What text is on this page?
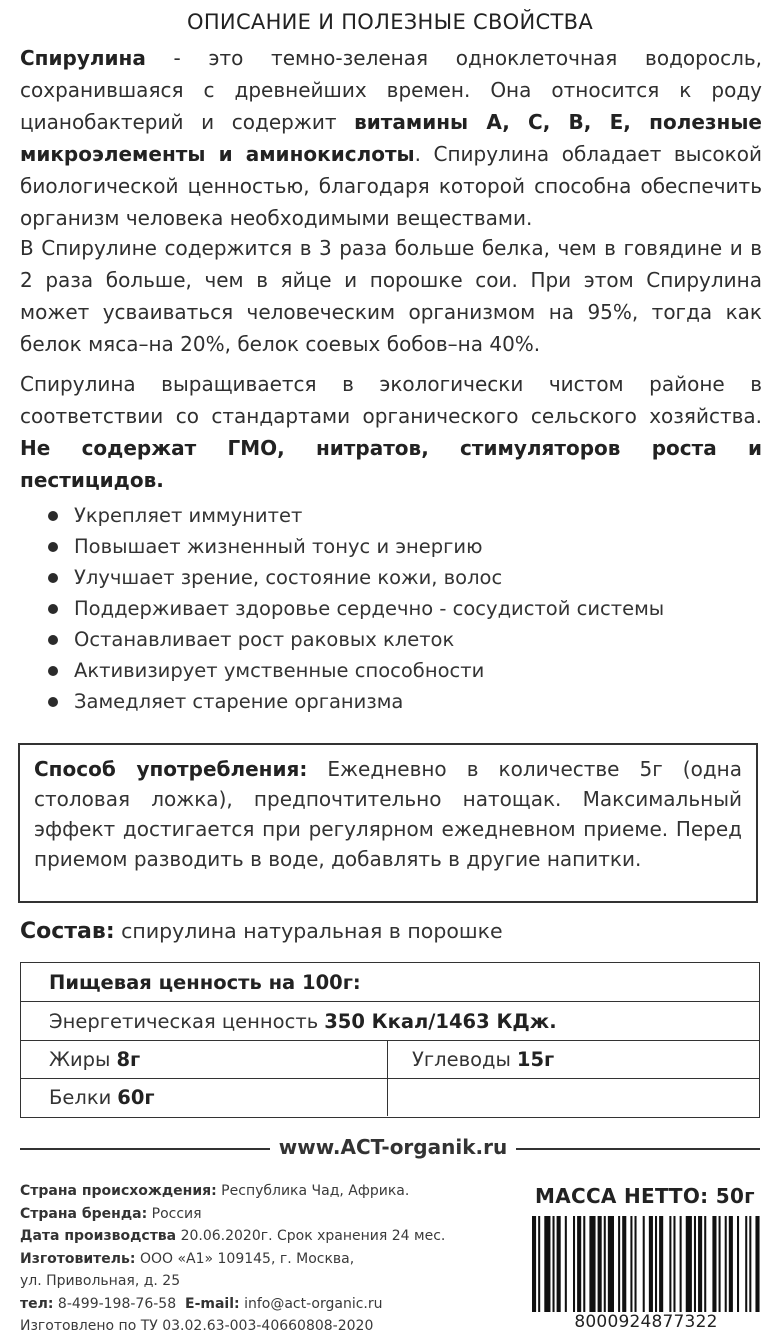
ОПИСАНИЕ И ПОЛЕЗНЫЕ СВОЙСТВА

Спирулина - это темно-зеленая одноклеточная водоросль, сохранившаяся с древнейших времен. Она относится к роду цианобактерий и содержит витамины A, C, B, E, полезные микроэлементы и аминокислоты. Спирулина обладает высокой биологической ценностью, благодаря которой способна обеспечить организм человека необходимыми веществами.

В Спирулине содержится в 3 раза больше белка, чем в говядине и в 2 раза больше, чем в яйце и порошке сои. При этом Спирулина может усваиваться человеческим организмом на 95%, тогда как белок мяса–на 20%, белок соевых бобов–на 40%.

Спирулина выращивается в экологически чистом районе в соответствии со стандартами органического сельского хозяйства. Не содержат ГМО, нитратов, стимуляторов роста и пестицидов.

Укрепляет иммунитет
Повышает жизненный тонус и энергию
Улучшает зрение, состояние кожи, волос
Поддерживает здоровье сердечно - сосудистой системы
Останавливает рост раковых клеток
Активизирует умственные способности
Замедляет старение организма

Способ употребления: Ежедневно в количестве 5г (одна столовая ложка), предпочтительно натощак. Максимальный эффект достигается при регулярном ежедневном приеме. Перед приемом разводить в воде, добавлять в другие напитки.

Состав: спирулина натуральная в порошке
Пищевая ценность на 100г:
Энергетическая ценность 350 Ккал/1463 КДж.
Жиры 8г	Углеводы 15г
Белки 60г
www.ACT-organik.ru
Страна происхождения: Республика Чад, Африка.
Страна бренда: Россия
Дата производства 20.06.2020г. Срок хранения 24 мес.
Изготовитель: ООО «А1» 109145, г. Москва,
ул. Привольная, д. 25
тел: 8-499-198-76-58 E-mail: info@act-organic.ru
Изготовлено по ТУ 03.02.63-003-40660808-2020
МАССА НЕТТО: 50г
8000924877322
